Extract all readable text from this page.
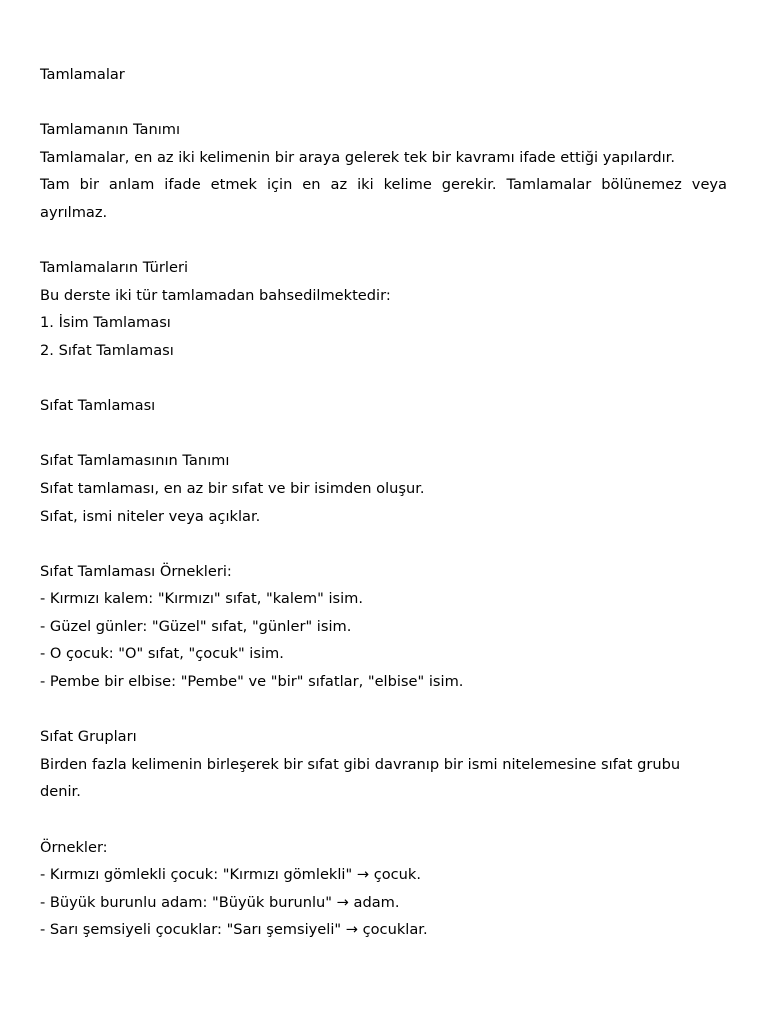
Tamlamalar
Tamlamanın Tanımı
Tamlamalar, en az iki kelimenin bir araya gelerek tek bir kavramı ifade ettiği yapılardır.
Tam bir anlam ifade etmek için en az iki kelime gerekir. Tamlamalar bölünemez veya
ayrılmaz.
Tamlamaların Türleri
Bu derste iki tür tamlamadan bahsedilmektedir:
1. İsim Tamlaması
2. Sıfat Tamlaması
Sıfat Tamlaması
Sıfat Tamlamasının Tanımı
Sıfat tamlaması, en az bir sıfat ve bir isimden oluşur.
Sıfat, ismi niteler veya açıklar.
Sıfat Tamlaması Örnekleri:
- Kırmızı kalem: "Kırmızı" sıfat, "kalem" isim.
- Güzel günler: "Güzel" sıfat, "günler" isim.
- O çocuk: "O" sıfat, "çocuk" isim.
- Pembe bir elbise: "Pembe" ve "bir" sıfatlar, "elbise" isim.
Sıfat Grupları
Birden fazla kelimenin birleşerek bir sıfat gibi davranıp bir ismi nitelemesine sıfat grubu
denir.
Örnekler:
- Kırmızı gömlekli çocuk: "Kırmızı gömlekli" → çocuk.
- Büyük burunlu adam: "Büyük burunlu" → adam.
- Sarı şemsiyeli çocuklar: "Sarı şemsiyeli" → çocuklar.
